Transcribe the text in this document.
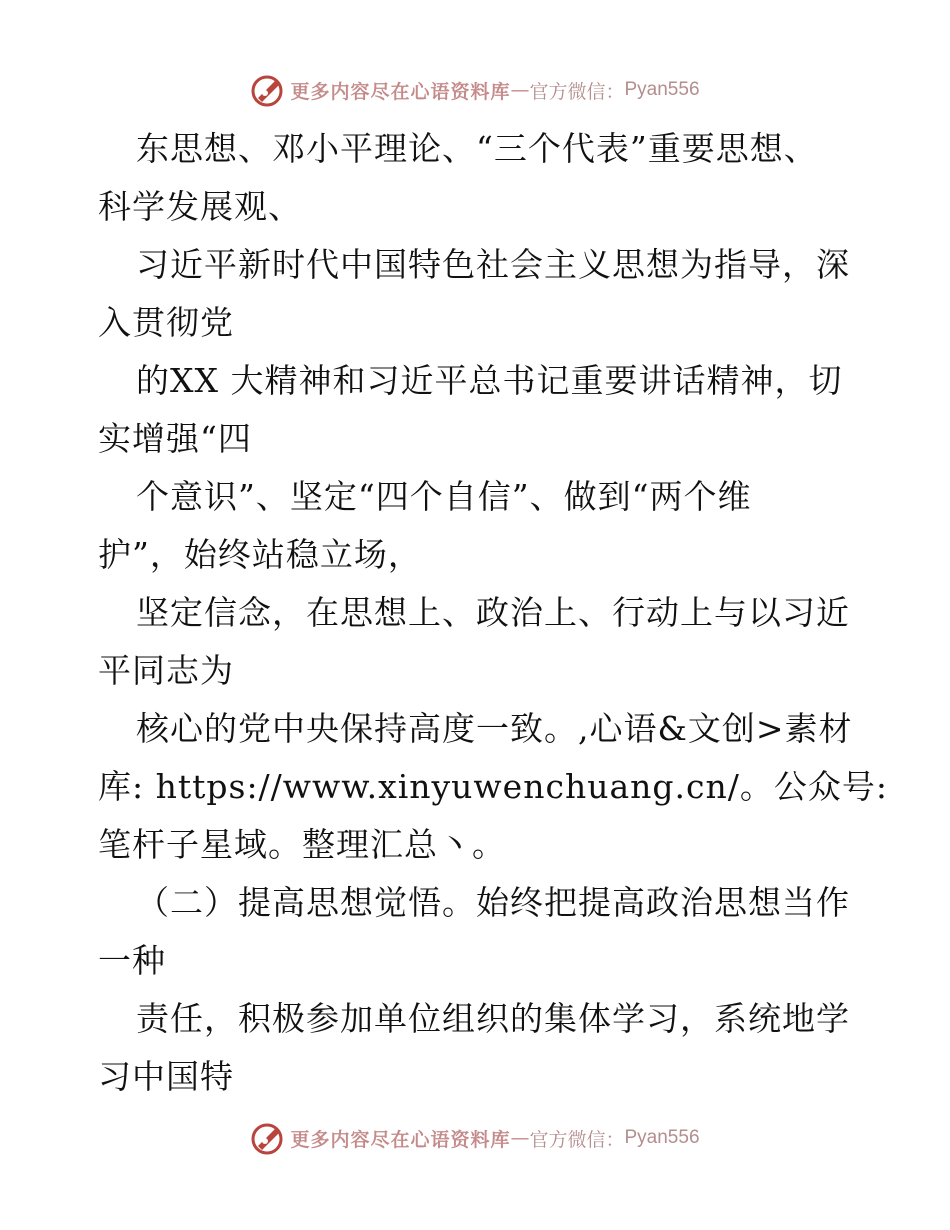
更多内容尽在心语资料库 — 官方微信： Pyan556
东思想、邓小平理论、“三个代表”重要思想、
科学发展观、
习近平新时代中国特色社会主义思想为指导，深
入贯彻党
的XX 大精神和习近平总书记重要讲话精神，切
实增强“四
个意识”、坚定“四个自信”、做到“两个维
护”，始终站稳立场，
坚定信念，在思想上、政治上、行动上与以习近
平同志为
核心的党中央保持高度一致。,心语&文创>素材
库: https://www.xinyuwenchuang.cn/。公众号:
笔杆子星域。整理汇总丶。
（二）提高思想觉悟。始终把提高政治思想当作
一种
责任，积极参加单位组织的集体学习，系统地学
习中国特
更多内容尽在心语资料库 — 官方微信： Pyan556
